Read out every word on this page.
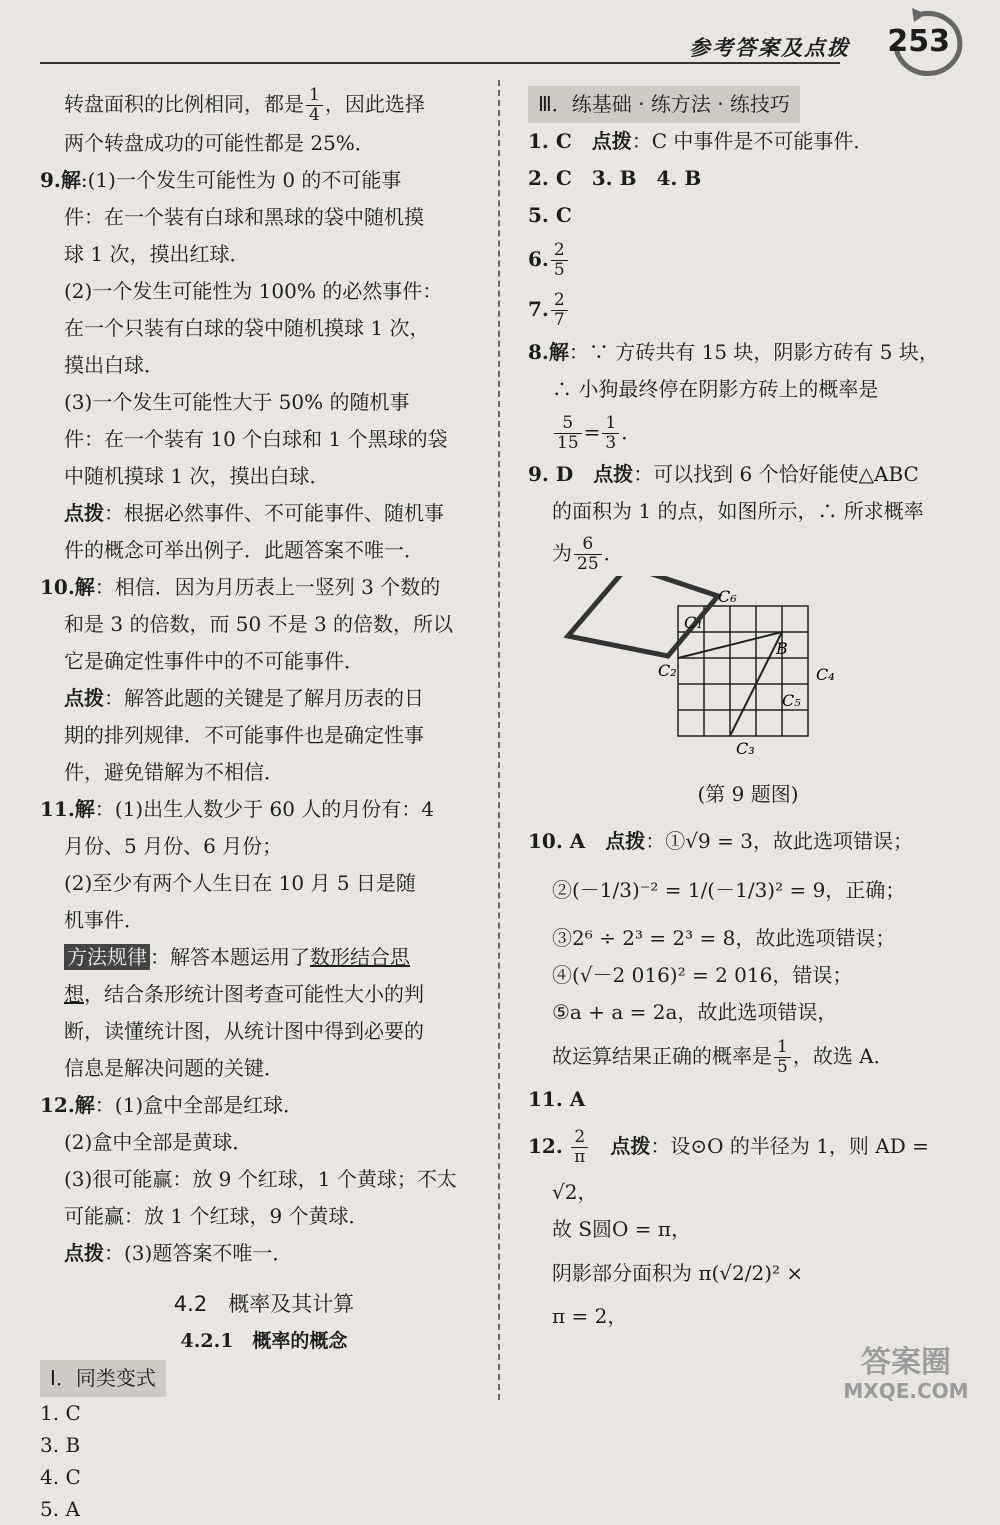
参考答案及点拨 253

转盘面积的比例相同，都是 $\frac{1}{4}$ ，因此选择

两个转盘成功的可能性都是 25%．

9.解:(1)一个发生可能性为 0 的不可能事

件：在一个装有白球和黑球的袋中随机摸

球 1 次，摸出红球．

(2)一个发生可能性为 100% 的必然事件：

在一个只装有白球的袋中随机摸球 1 次，

摸出白球．

(3)一个发生可能性大于 50% 的随机事

件：在一个装有 10 个白球和 1 个黑球的袋

中随机摸球 1 次，摸出白球．

点拨：根据必然事件、不可能事件、随机事

件的概念可举出例子．此题答案不唯一．

10.解：相信．因为月历表上一竖列 3 个数的

和是 3 的倍数，而 50 不是 3 的倍数，所以

它是确定性事件中的不可能事件．

点拨：解答此题的关键是了解月历表的日

期的排列规律．不可能事件也是确定性事

件，避免错解为不相信．

11.解：(1)出生人数少于 60 人的月份有：4

月份、5 月份、6 月份；

(2)至少有两个人生日在 10 月 5 日是随

机事件．

方法规律 ：解答本题运用了数形结合思

想，结合条形统计图考查可能性大小的判

断，读懂统计图，从统计图中得到必要的

信息是解决问题的关键．

12.解：(1)盒中全部是红球．

(2)盒中全部是黄球．

(3)很可能赢：放 9 个红球，1 个黄球；不太

可能赢：放 1 个红球，9 个黄球．

点拨：(3)题答案不唯一．

4.2　概率及其计算
4.2.1　概率的概念

Ⅰ．同类变式

1. C

3. B

4. C

5. A

Ⅲ．练基础 · 练方法 · 练技巧

1. C　 点拨：C 中事件是不可能事件．

2. C　3. B　4. B

5. C

6. $\frac{2}{5}$

7. $\frac{2}{7}$

8.解：∵ 方砖共有 15 块，阴影方砖有 5 块，

∴ 小狗最终停在阴影方砖上的概率是

$\frac{5}{15} = \frac{1}{3}$ ．

9. D　 点拨：可以找到 6 个恰好能使△ABC

的面积为 1 的点，如图所示，∴ 所求概率

为 $\frac{6}{25}$ ．

C₆
C₁
C₂
B
C₄
C₅
C₃
(第 9 题图)

10. A　 点拨：①√9 = 3，故此选项错误；

②(－1/3)⁻² = 1/(－1/3)² = 9，正确；

③2⁶ ÷ 2³ = 2³ = 8，故此选项错误；

④(√－2 016)² = 2 016，错误；

⑤a + a = 2a，故此选项错误，

故运算结果正确的概率是 $\frac{1}{5}$ ，故选 A．

11. A

12. $\frac{2}{\pi}$
　 点拨：设⊙O 的半径为 1，则 AD =

√2，

故 S圆O = π，

阴影部分面积为 π(√2/2)² ×

π = 2，

答案圈
MXQE.COM
